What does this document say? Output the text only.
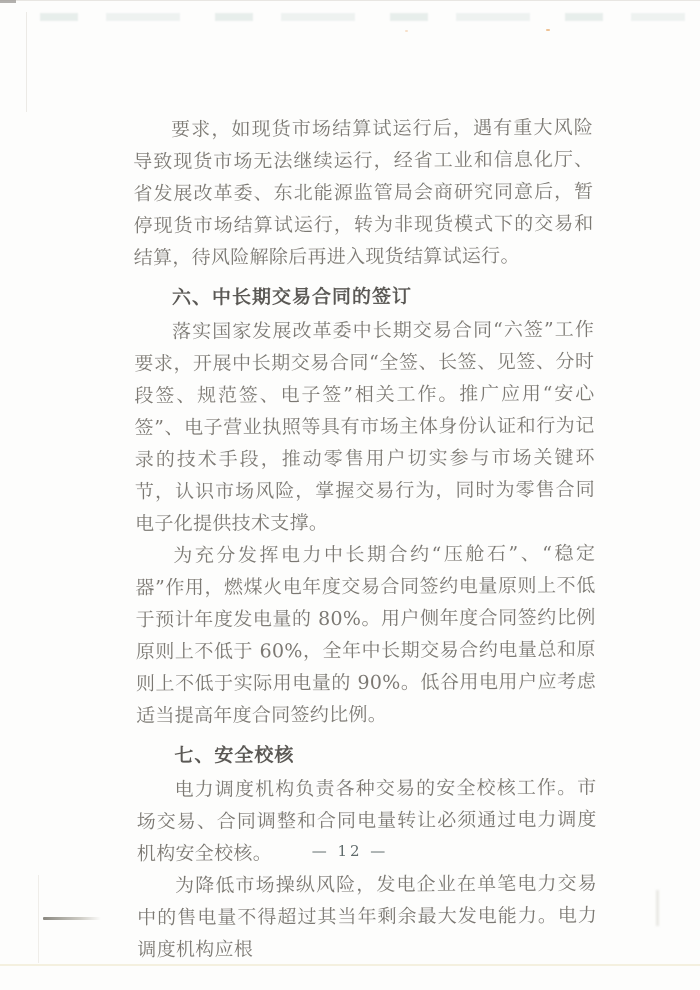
要求，如现货市场结算试运行后，遇有重大风险导致现货市场无法继续运行，经省工业和信息化厅、省发展改革委、东北能源监管局会商研究同意后，暂停现货市场结算试运行，转为非现货模式下的交易和结算，待风险解除后再进入现货结算试运行。

六、中长期交易合同的签订

落实国家发展改革委中长期交易合同“六签”工作要求，开展中长期交易合同“全签、长签、见签、分时段签、规范签、电子签”相关工作。推广应用“安心签”、电子营业执照等具有市场主体身份认证和行为记录的技术手段，推动零售用户切实参与市场关键环节，认识市场风险，掌握交易行为，同时为零售合同电子化提供技术支撑。

为充分发挥电力中长期合约“压舱石”、“稳定器”作用，燃煤火电年度交易合同签约电量原则上不低于预计年度发电量的 80%。用户侧年度合同签约比例原则上不低于 60%，全年中长期交易合约电量总和原则上不低于实际用电量的 90%。低谷用电用户应考虑适当提高年度合同签约比例。

七、安全校核

电力调度机构负责各种交易的安全校核工作。市场交易、合同调整和合同电量转让必须通过电力调度机构安全校核。

为降低市场操纵风险，发电企业在单笔电力交易中的售电量不得超过其当年剩余最大发电能力。电力调度机构应根

— 12 —
